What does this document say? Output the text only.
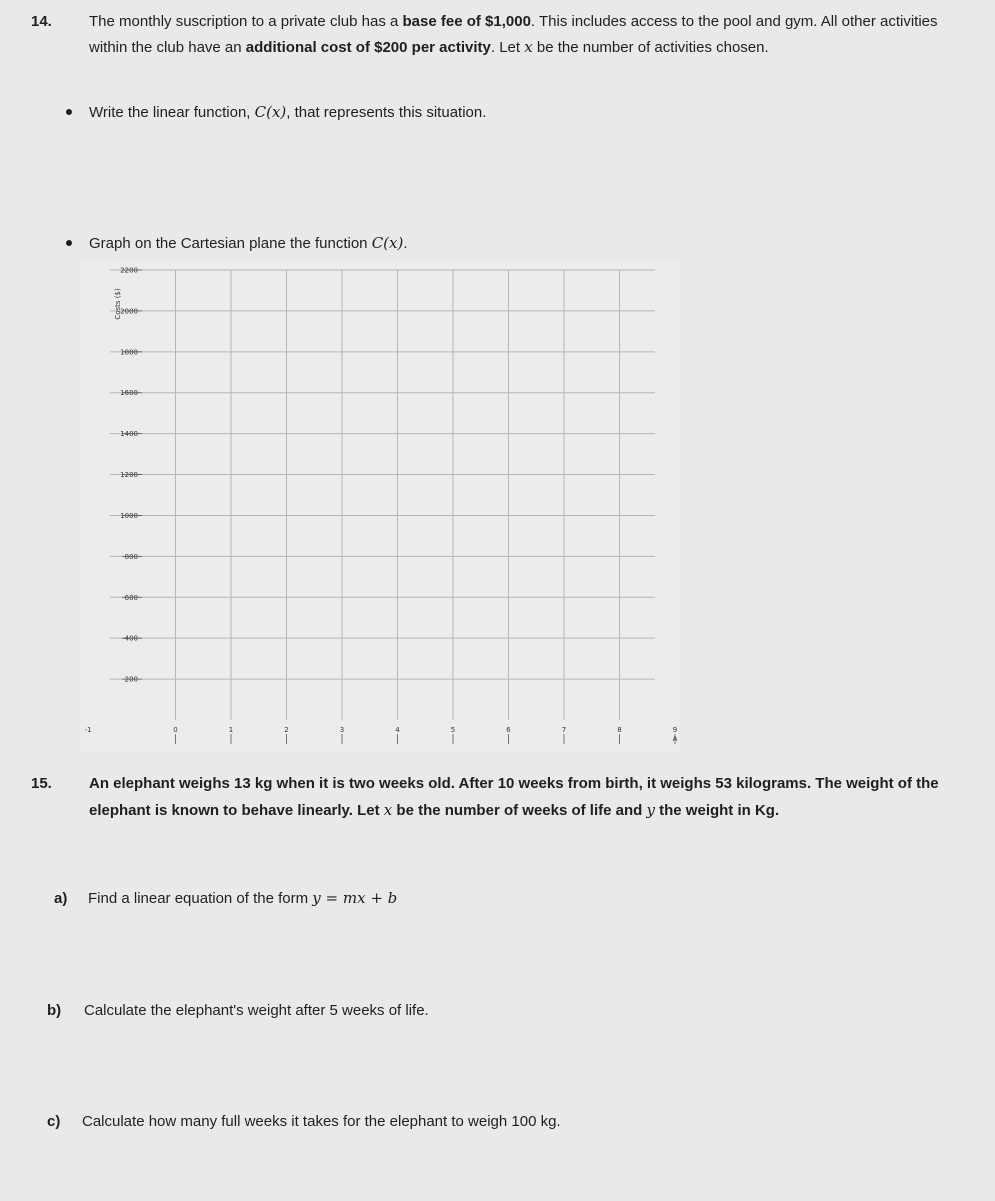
14. The monthly suscription to a private club has a base fee of $1,000. This includes access to the pool and gym. All other activities

within the club have an additional cost of $200 per activity. Let x be the number of activities chosen.

Write the linear function, C(x), that represents this situation.

Graph on the Cartesian plane the function C(x).

200
400
600
800
1000
1200
1400
1600
1800
2000
2200
-1	0	1	2	3	4	5	6	7	8	9
Costs ($)
A

15. An elephant weighs 13 kg when it is two weeks old. After 10 weeks from birth, it weighs 53 kilograms. The weight of the

elephant is known to behave linearly. Let x be the number of weeks of life and y the weight in Kg.

a) Find a linear equation of the form y = mx + b

b) Calculate the elephant's weight after 5 weeks of life.

c) Calculate how many full weeks it takes for the elephant to weigh 100 kg.
